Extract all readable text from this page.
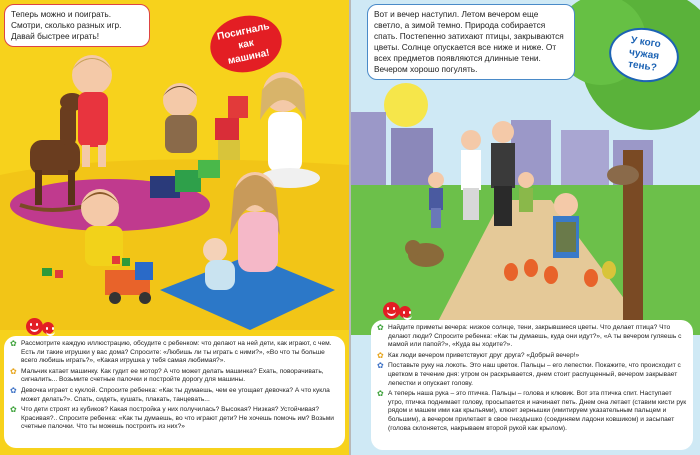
Теперь можно и поиграть. Смотри, сколько разных игр. Давай быстрее играть!	Посигналь как машина!
✿ Рассмотрите каждую иллюстрацию, обсудите с ребенком: что делают на ней дети, как играют, с чем. Есть ли такие игрушки у вас дома? Спросите: «Любишь ли ты играть с ними?», «Во что ты больше всего любишь играть?», «Какая игрушка у тебя самая любимая?».
✿ Мальчик катает машинку. Как гудит ее мотор? А что может делать машинка? Ехать, поворачивать, сигналить... Возьмите счетные палочки и постройте дорогу для машины.
✿ Девочка играет с куклой. Спросите ребенка: «Как ты думаешь, чем ее угощает девочка? А что кукла может делать?». Спать, сидеть, кушать, плакать, танцевать...
✿ Что дети строят из кубиков? Какая постройка у них получилась? Высокая? Низкая? Устойчивая? Красивая?.. Спросите ребенка: «Как ты думаешь, во что играют дети? Не хочешь помочь им? Возьми счетные палочки. Что ты можешь построить из них?»
Вот и вечер наступил. Летом вечером еще светло, а зимой темно. Природа собирается спать. Постепенно затихают птицы, закрываются цветы. Солнце опускается все ниже и ниже. От всех предметов появляются длинные тени. Вечером хорошо погулять.
У кого чужая тень?
✿ Найдите приметы вечера: низкое солнце, тени, закрывшиеся цветы. Что делает птица? Что делают люди? Спросите ребенка: «Как ты думаешь, куда они идут?», «А ты вечером гуляешь с мамой или папой?», «Куда вы ходите?».
✿ Как люди вечером приветствуют друг друга? «Добрый вечер!»
✿ Поставьте руку на локоть. Это наш цветок. Пальцы – его лепестки. Покажите, что происходит с цветком в течение дня: утром он раскрывается, днем стоит распущенный, вечером закрывает лепестки и опускает голову.
✿ А теперь наша рука – это птичка. Пальцы – голова и клювик. Вот эта птичка спит. Наступает утро, птичка поднимает голову, просыпается и начинает петь. Днем она летает (ставим кисти рук рядом и машем ими как крыльями), клюет зернышки (имитируем указательным пальцем и большим), а вечером прилетает в свое гнездышко (соединяем ладони ковшиком) и засыпает (голова склоняется, накрываем второй рукой как крылом).
